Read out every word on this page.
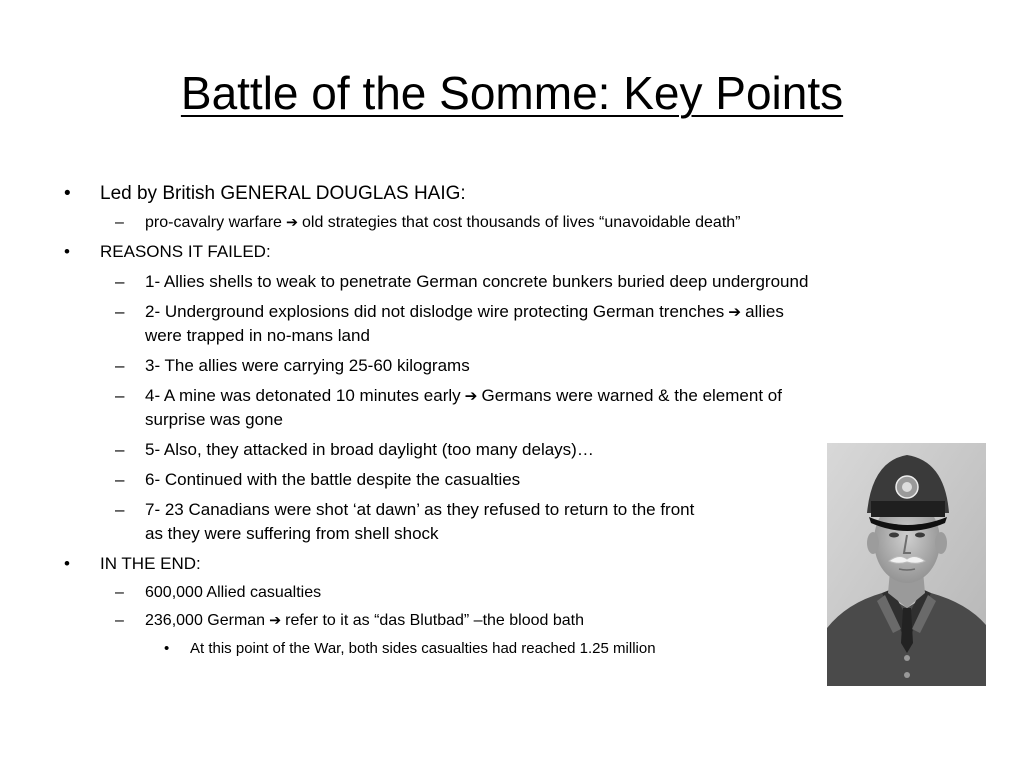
Battle of the Somme: Key Points
• Led by British GENERAL DOUGLAS HAIG:
– pro-cavalry warfare ➔ old strategies that cost thousands of lives “unavoidable death”
• REASONS IT FAILED:
– 1- Allies shells to weak to penetrate German concrete bunkers buried deep underground
– 2- Underground explosions did not dislodge wire protecting German trenches ➔ allies
were trapped in no-mans land
– 3- The allies were carrying 25-60 kilograms
– 4- A mine was detonated 10 minutes early ➔ Germans were warned & the element of
surprise was gone
– 5- Also, they attacked in broad daylight (too many delays)…
– 6- Continued with the battle despite the casualties
– 7- 23 Canadians were shot ‘at dawn’ as they refused to return to the front
as they were suffering from shell shock
• IN THE END:
– 600,000 Allied casualties
– 236,000 German ➔ refer to it as “das Blutbad” –the blood bath
• At this point of the War, both sides casualties had reached 1.25 million
